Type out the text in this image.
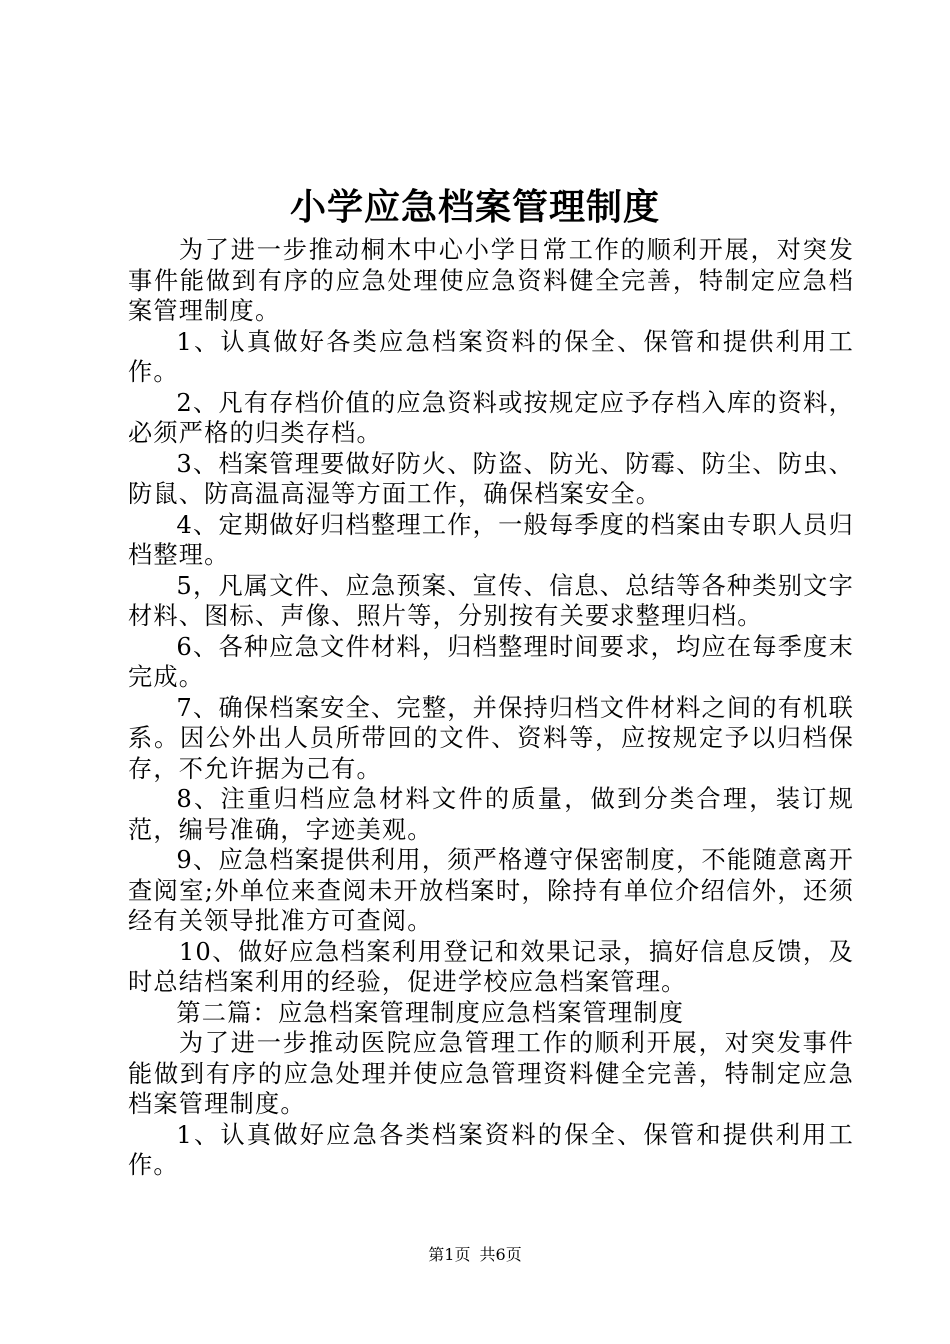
小学应急档案管理制度

为了进一步推动桐木中心小学日常工作的顺利开展，对突发事件能做到有序的应急处理使应急资料健全完善，特制定应急档案管理制度。

1、认真做好各类应急档案资料的保全、保管和提供利用工作。

2、凡有存档价值的应急资料或按规定应予存档入库的资料，必须严格的归类存档。

3、档案管理要做好防火、防盗、防光、防霉、防尘、防虫、防鼠、防高温高湿等方面工作，确保档案安全。

4、定期做好归档整理工作，一般每季度的档案由专职人员归档整理。

5，凡属文件、应急预案、宣传、信息、总结等各种类别文字材料、图标、声像、照片等，分别按有关要求整理归档。

6、各种应急文件材料，归档整理时间要求，均应在每季度末完成。

7、确保档案安全、完整，并保持归档文件材料之间的有机联系。因公外出人员所带回的文件、资料等，应按规定予以归档保存，不允许据为己有。

8、注重归档应急材料文件的质量，做到分类合理，装订规范，编号准确，字迹美观。

9、应急档案提供利用，须严格遵守保密制度，不能随意离开查阅室;外单位来查阅未开放档案时，除持有单位介绍信外，还须经有关领导批准方可查阅。

10、做好应急档案利用登记和效果记录，搞好信息反馈，及时总结档案利用的经验，促进学校应急档案管理。

第二篇：应急档案管理制度应急档案管理制度

为了进一步推动医院应急管理工作的顺利开展，对突发事件能做到有序的应急处理并使应急管理资料健全完善，特制定应急档案管理制度。

1、认真做好应急各类档案资料的保全、保管和提供利用工作。

第1页 共6页
